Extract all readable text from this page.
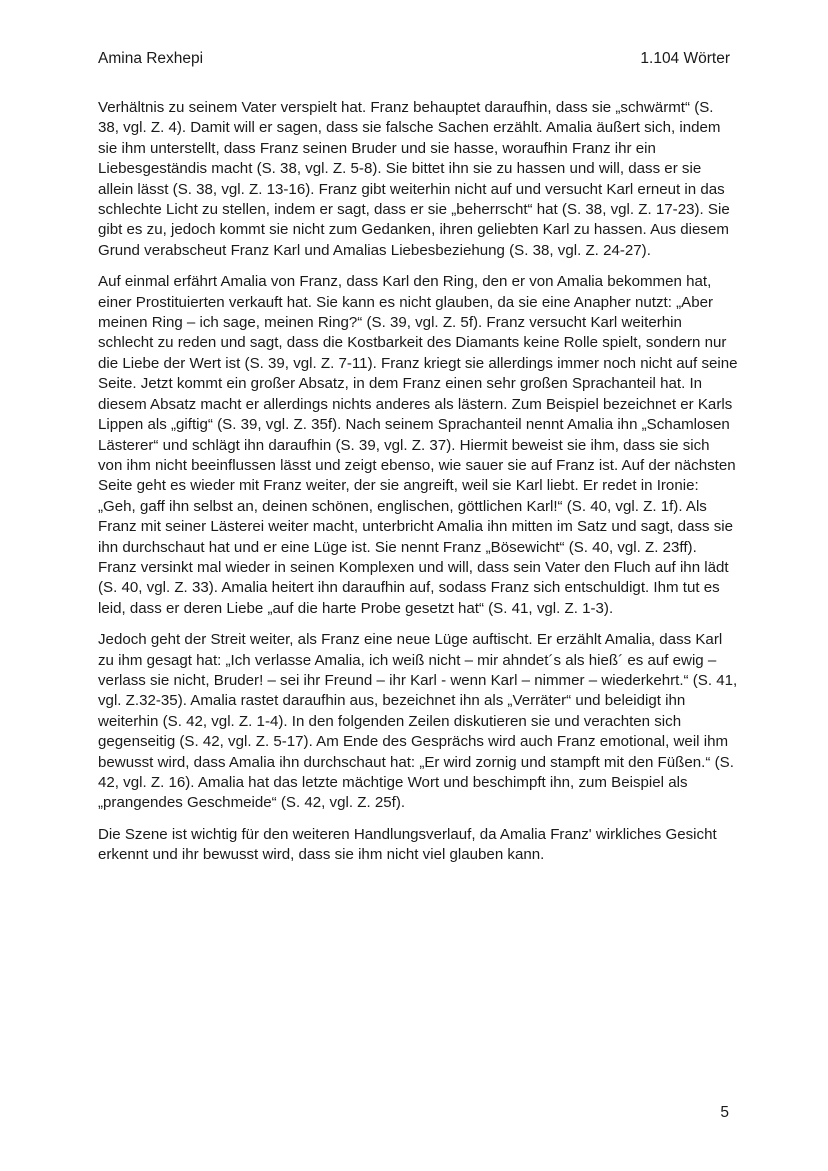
Amina Rexhepi	1.104 Wörter

Verhältnis zu seinem Vater verspielt hat. Franz behauptet daraufhin, dass sie „schwärmt“ (S. 38, vgl. Z. 4). Damit will er sagen, dass sie falsche Sachen erzählt. Amalia äußert sich, indem sie ihm unterstellt, dass Franz seinen Bruder und sie hasse, woraufhin Franz ihr ein Liebesgeständis macht (S. 38, vgl. Z. 5-8). Sie bittet ihn sie zu hassen und will, dass er sie allein lässt (S. 38, vgl. Z. 13-16). Franz gibt weiterhin nicht auf und versucht Karl erneut in das schlechte Licht zu stellen, indem er sagt, dass er sie „beherrscht“ hat (S. 38, vgl. Z. 17-23). Sie gibt es zu, jedoch kommt sie nicht zum Gedanken, ihren geliebten Karl zu hassen. Aus diesem Grund verabscheut Franz Karl und Amalias Liebesbeziehung (S. 38, vgl. Z. 24-27).

Auf einmal erfährt Amalia von Franz, dass Karl den Ring, den er von Amalia bekommen hat, einer Prostituierten verkauft hat. Sie kann es nicht glauben, da sie eine Anapher nutzt: „Aber meinen Ring – ich sage, meinen Ring?“ (S. 39, vgl. Z. 5f). Franz versucht Karl weiterhin schlecht zu reden und sagt, dass die Kostbarkeit des Diamants keine Rolle spielt, sondern nur die Liebe der Wert ist (S. 39, vgl. Z. 7-11). Franz kriegt sie allerdings immer noch nicht auf seine Seite. Jetzt kommt ein großer Absatz, in dem Franz einen sehr großen Sprachanteil hat. In diesem Absatz macht er allerdings nichts anderes als lästern. Zum Beispiel bezeichnet er Karls Lippen als „giftig“ (S. 39, vgl. Z. 35f). Nach seinem Sprachanteil nennt Amalia ihn „Schamlosen Lästerer“ und schlägt ihn daraufhin (S. 39, vgl. Z. 37). Hiermit beweist sie ihm, dass sie sich von ihm nicht beeinflussen lässt und zeigt ebenso, wie sauer sie auf Franz ist. Auf der nächsten Seite geht es wieder mit Franz weiter, der sie angreift, weil sie Karl liebt. Er redet in Ironie: „Geh, gaff ihn selbst an, deinen schönen, englischen, göttlichen Karl!“ (S. 40, vgl. Z. 1f). Als Franz mit seiner Lästerei weiter macht, unterbricht Amalia ihn mitten im Satz und sagt, dass sie ihn durchschaut hat und er eine Lüge ist. Sie nennt Franz „Bösewicht“ (S. 40, vgl. Z. 23ff). Franz versinkt mal wieder in seinen Komplexen und will, dass sein Vater den Fluch auf ihn lädt (S. 40, vgl. Z. 33). Amalia heitert ihn daraufhin auf, sodass Franz sich entschuldigt. Ihm tut es leid, dass er deren Liebe „auf die harte Probe gesetzt hat“ (S. 41, vgl. Z. 1-3).

Jedoch geht der Streit weiter, als Franz eine neue Lüge auftischt. Er erzählt Amalia, dass Karl zu ihm gesagt hat: „Ich verlasse Amalia, ich weiß nicht – mir ahndet´s als hieß´ es auf ewig – verlass sie nicht, Bruder! – sei ihr Freund – ihr Karl - wenn Karl – nimmer – wiederkehrt.“ (S. 41, vgl. Z.32-35). Amalia rastet daraufhin aus, bezeichnet ihn als „Verräter“ und beleidigt ihn weiterhin (S. 42, vgl. Z. 1-4). In den folgenden Zeilen diskutieren sie und verachten sich gegenseitig (S. 42, vgl. Z. 5-17). Am Ende des Gesprächs wird auch Franz emotional, weil ihm bewusst wird, dass Amalia ihn durchschaut hat: „Er wird zornig und stampft mit den Füßen.“ (S. 42, vgl. Z. 16). Amalia hat das letzte mächtige Wort und beschimpft ihn, zum Beispiel als „prangendes Geschmeide“ (S. 42, vgl. Z. 25f).

Die Szene ist wichtig für den weiteren Handlungsverlauf, da Amalia Franz' wirkliches Gesicht erkennt und ihr bewusst wird, dass sie ihm nicht viel glauben kann.

5
